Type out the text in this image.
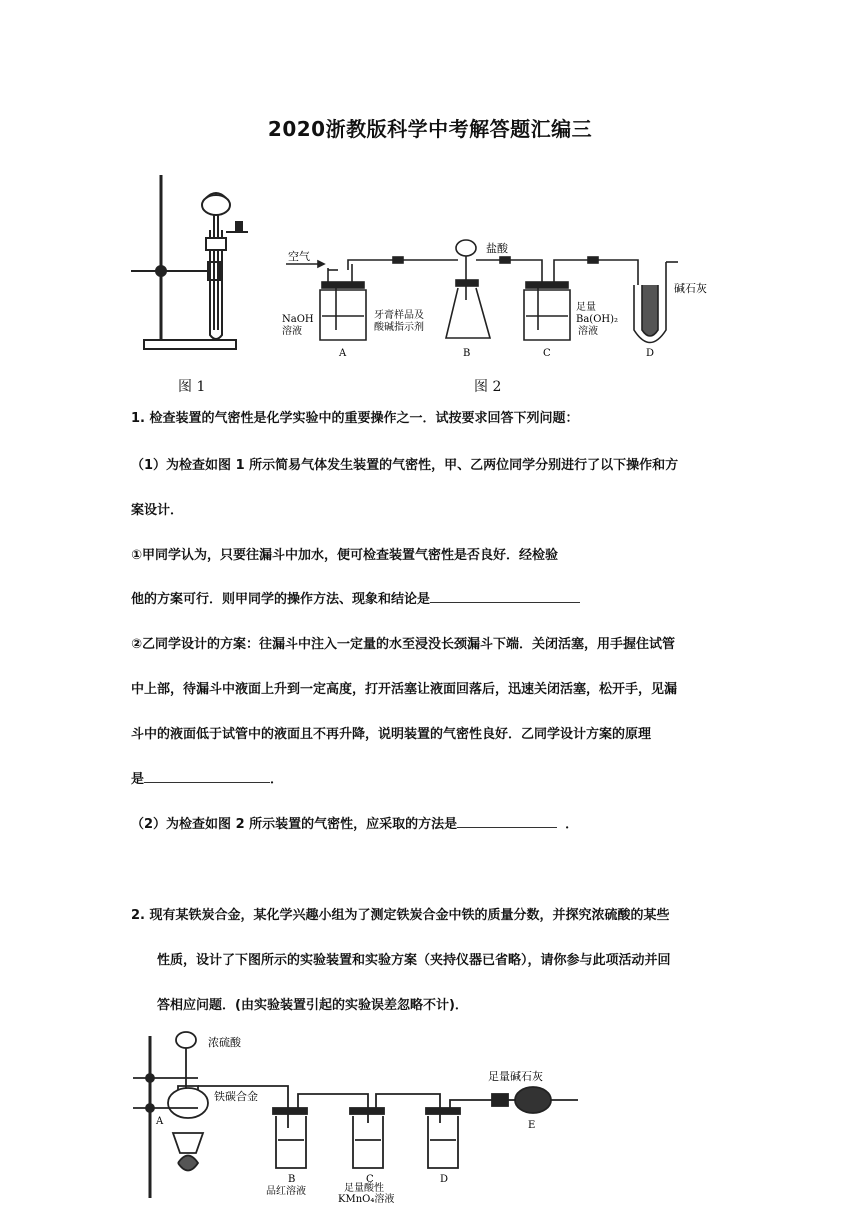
2020浙教版科学中考解答题汇编三
图 1
空气
盐酸
NaOH
溶液
牙膏样品及
酸碱指示剂
足量
Ba(OH)₂
溶液
碱石灰
A	B	C	D
图 2
1. 检查装置的气密性是化学实验中的重要操作之一．试按要求回答下列问题：
（1）为检查如图 1 所示简易气体发生装置的气密性，甲、乙两位同学分别进行了以下操作和方
案设计．
①甲同学认为，只要往漏斗中加水，便可检查装置气密性是否良好．经检验
他的方案可行．则甲同学的操作方法、现象和结论是
②乙同学设计的方案：往漏斗中注入一定量的水至浸没长颈漏斗下端．关闭活塞，用手握住试管
中上部，待漏斗中液面上升到一定高度，打开活塞让液面回落后，迅速关闭活塞，松开手，见漏
斗中的液面低于试管中的液面且不再升降，说明装置的气密性良好．乙同学设计方案的原理
是	．
（2）为检查如图 2 所示装置的气密性，应采取的方法是	．
2. 现有某铁炭合金，某化学兴趣小组为了测定铁炭合金中铁的质量分数，并探究浓硫酸的某些
性质，设计了下图所示的实验装置和实验方案（夹持仪器已省略），请你参与此项活动并回
答相应问题．(由实验装置引起的实验误差忽略不计)．
浓硫酸
铁碳合金
足量碱石灰
A
B	C	D
E
品红溶液	足量酸性
KMnO₄溶液
